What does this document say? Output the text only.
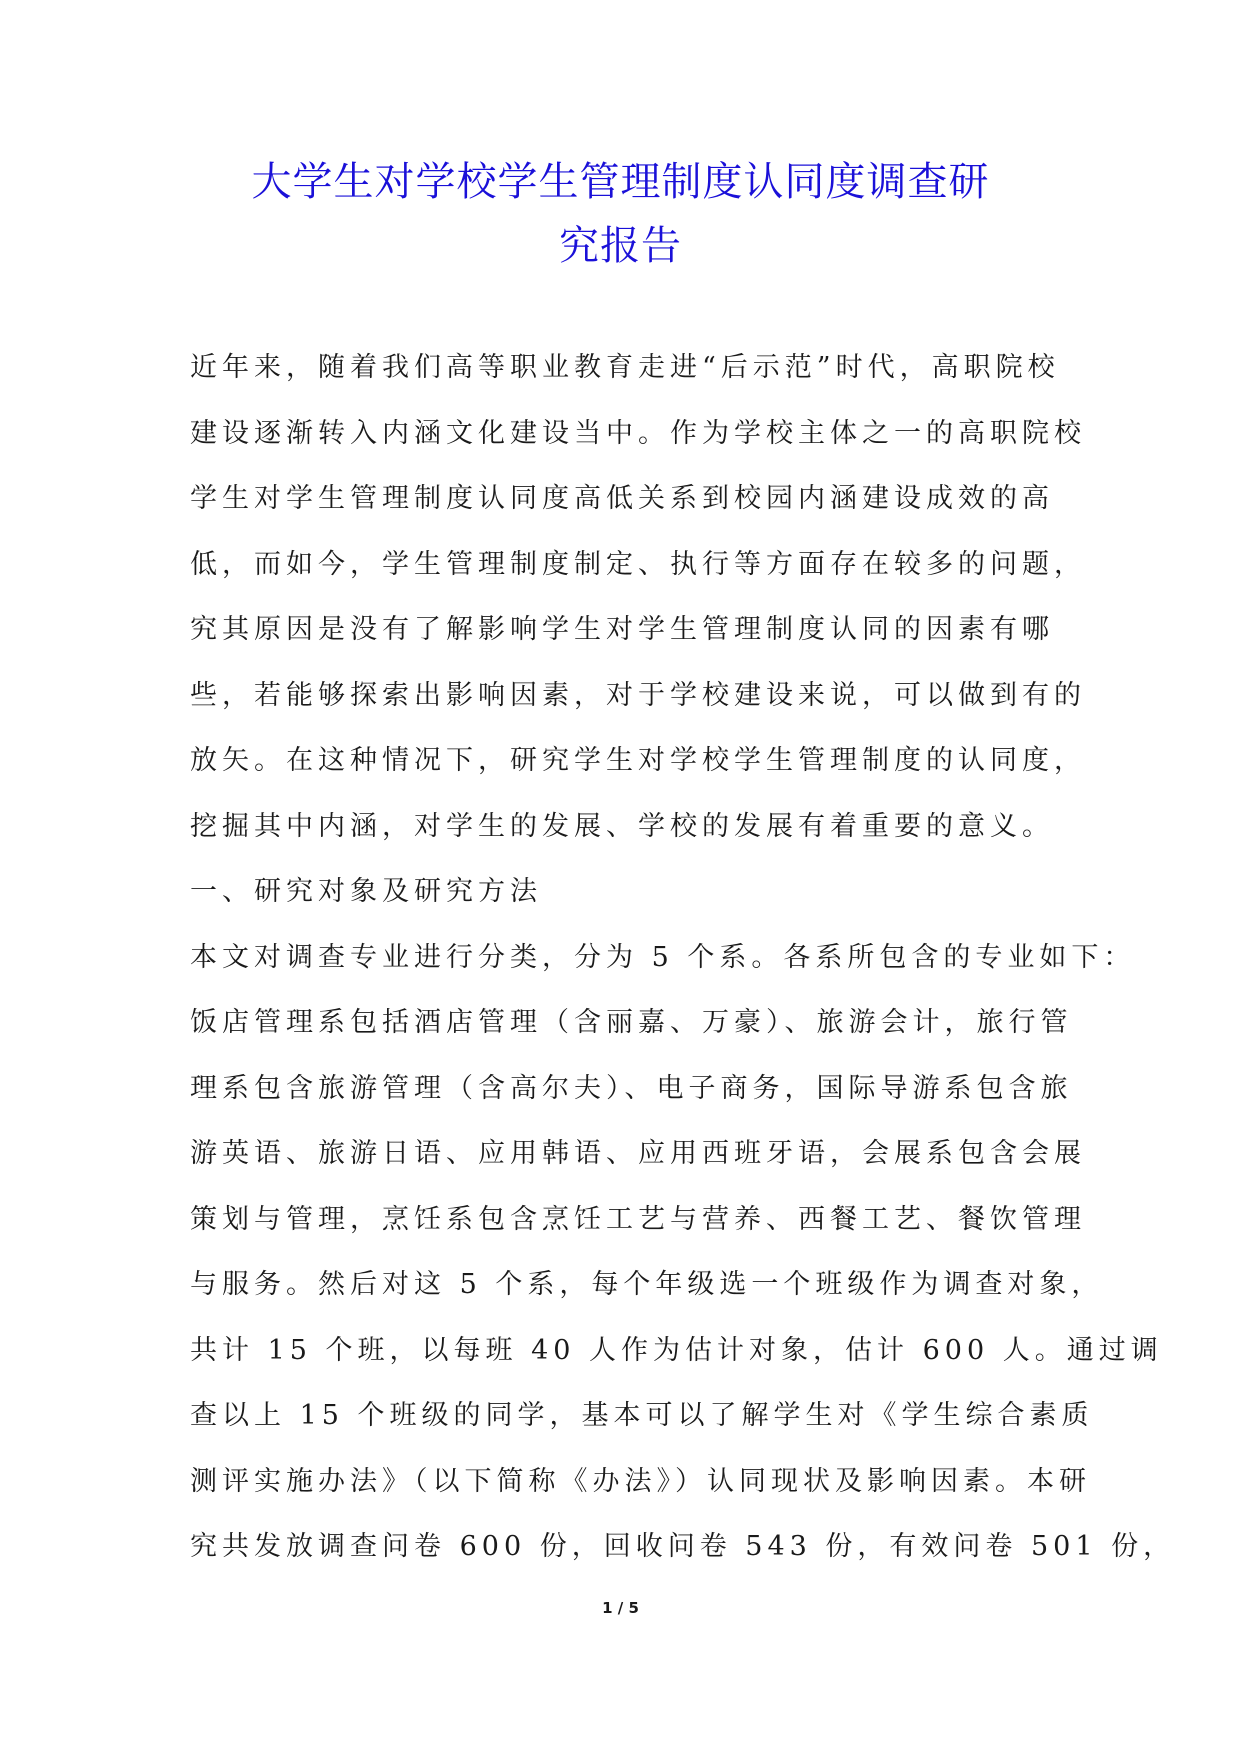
大学生对学校学生管理制度认同度调查研
究报告
近年来，随着我们高等职业教育走进“后示范”时代，高职院校
建设逐渐转入内涵文化建设当中。作为学校主体之一的高职院校
学生对学生管理制度认同度高低关系到校园内涵建设成效的高
低，而如今，学生管理制度制定、执行等方面存在较多的问题，
究其原因是没有了解影响学生对学生管理制度认同的因素有哪
些，若能够探索出影响因素，对于学校建设来说，可以做到有的
放矢。在这种情况下，研究学生对学校学生管理制度的认同度，
挖掘其中内涵，对学生的发展、学校的发展有着重要的意义。
一、研究对象及研究方法
本文对调查专业进行分类，分为 5 个系。各系所包含的专业如下：
饭店管理系包括酒店管理（含丽嘉、万豪）、旅游会计，旅行管
理系包含旅游管理（含高尔夫）、电子商务，国际导游系包含旅
游英语、旅游日语、应用韩语、应用西班牙语，会展系包含会展
策划与管理，烹饪系包含烹饪工艺与营养、西餐工艺、餐饮管理
与服务。然后对这 5 个系，每个年级选一个班级作为调查对象，
共计 15 个班，以每班 40 人作为估计对象，估计 600 人。通过调
查以上 15 个班级的同学，基本可以了解学生对《学生综合素质
测评实施办法》（以下简称《办法》）认同现状及影响因素。本研
究共发放调查问卷 600 份，回收问卷 543 份，有效问卷 501 份，
1 / 5
